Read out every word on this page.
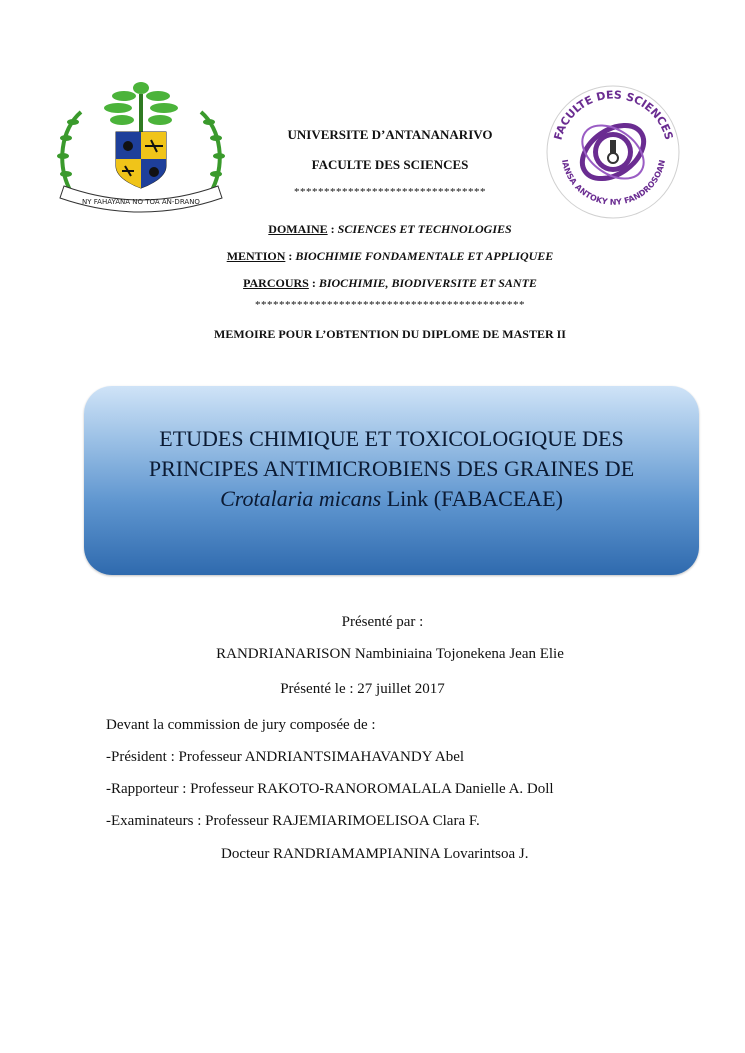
NY FAHAYANA NO TOA AN-DRANO
FACULTE DES SCIENCES
IANSA ANTOKY NY FANDROSOAN
UNIVERSITE D’ANTANANARIVO
FACULTE DES SCIENCES
********************************
DOMAINE : SCIENCES ET TECHNOLOGIES
MENTION : BIOCHIMIE FONDAMENTALE ET APPLIQUEE
PARCOURS : BIOCHIMIE, BIODIVERSITE ET SANTE
*********************************************
MEMOIRE POUR L’OBTENTION DU DIPLOME DE MASTER II
ETUDES CHIMIQUE ET TOXICOLOGIQUE DES
PRINCIPES ANTIMICROBIENS DES GRAINES DE
Crotalaria micans Link (FABACEAE)
Présenté par :
RANDRIANARISON Nambiniaina Tojonekena Jean Elie
Présenté le : 27 juillet 2017
Devant la commission de jury composée de :
-Président : Professeur ANDRIANTSIMAHAVANDY Abel
-Rapporteur : Professeur RAKOTO-RANOROMALALA Danielle A. Doll
-Examinateurs : Professeur RAJEMIARIMOELISOA Clara F.
Docteur RANDRIAMAMPIANINA Lovarintsoa J.
